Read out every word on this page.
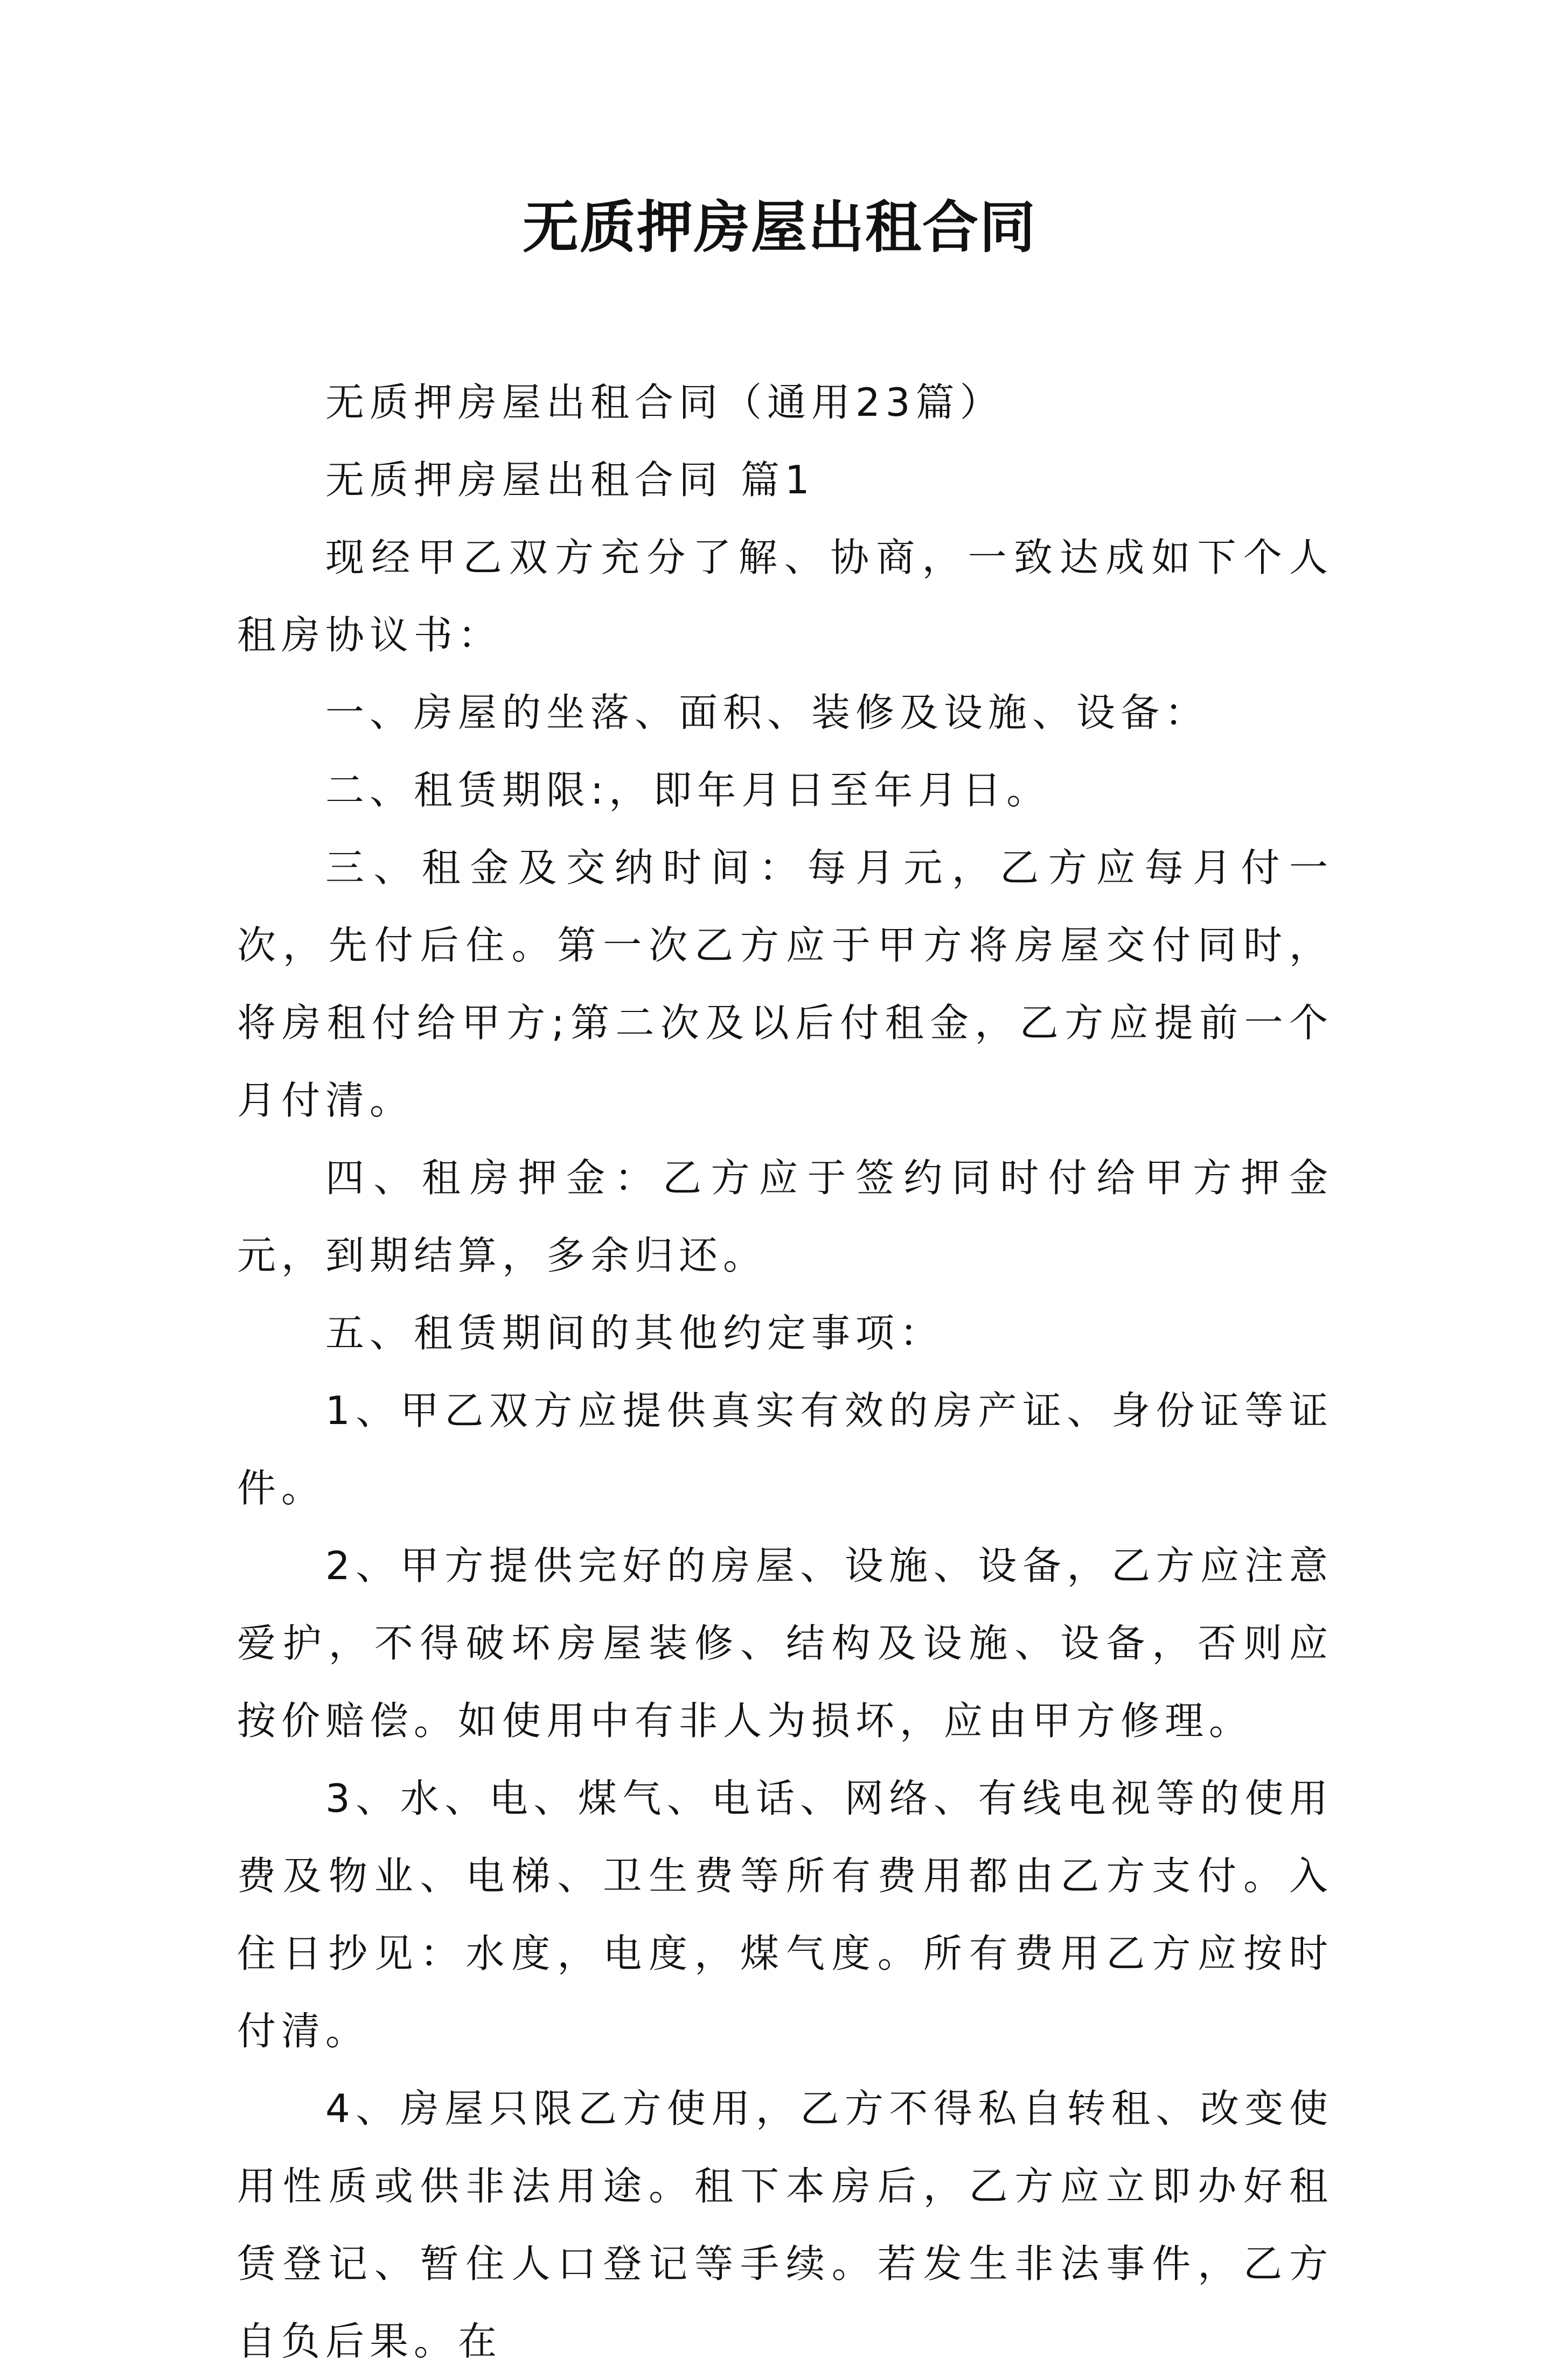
无质押房屋出租合同

无质押房屋出租合同（通用23篇）

无质押房屋出租合同 篇1

现经甲乙双方充分了解、协商，一致达成如下个人租房协议书：

一、房屋的坐落、面积、装修及设施、设备：

二、租赁期限:，即年月日至年月日。

三、租金及交纳时间：每月元，乙方应每月付一次，先付后住。第一次乙方应于甲方将房屋交付同时，将房租付给甲方;第二次及以后付租金，乙方应提前一个月付清。

四、租房押金：乙方应于签约同时付给甲方押金元，到期结算，多余归还。

五、租赁期间的其他约定事项：

1、甲乙双方应提供真实有效的房产证、身份证等证件。

2、甲方提供完好的房屋、设施、设备，乙方应注意爱护，不得破坏房屋装修、结构及设施、设备，否则应按价赔偿。如使用中有非人为损坏，应由甲方修理。

3、水、电、煤气、电话、网络、有线电视等的使用费及物业、电梯、卫生费等所有费用都由乙方支付。入住日抄见：水度，电度，煤气度。所有费用乙方应按时付清。

4、房屋只限乙方使用，乙方不得私自转租、改变使用性质或供非法用途。租下本房后，乙方应立即办好租赁登记、暂住人口登记等手续。若发生非法事件，乙方自负后果。在
